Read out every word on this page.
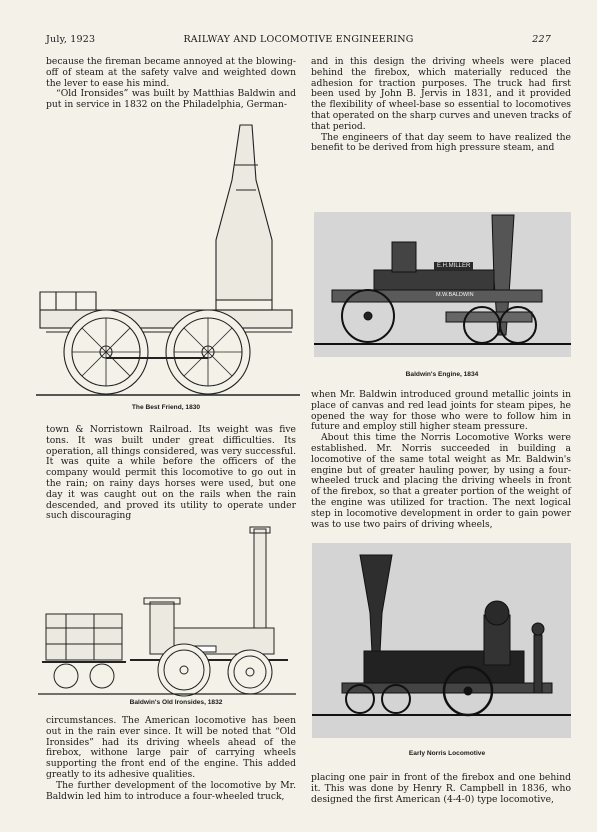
July, 1923	RAILWAY AND LOCOMOTIVE ENGINEERING	227

because the fireman became annoyed at the blowing-off of steam at the safety valve and weighted down the lever to ease his mind.

“Old Ironsides” was built by Matthias Baldwin and put in service in 1832 on the Philadelphia, German-

The Best Friend, 1830

town & Norristown Railroad. Its weight was five tons. It was built under great difficulties. Its operation, all things considered, was very successful. It was quite a while before the officers of the company would permit this locomotive to go out in the rain; on rainy days horses were used, but one day it was caught out on the rails when the rain descended, and proved its utility to operate under such discouraging

Baldwin's Old Ironsides, 1832

circumstances. The American locomotive has been out in the rain ever since. It will be noted that “Old Ironsides” had its driving wheels ahead of the firebox, withone large pair of carrying wheels supporting the front end of the engine. This added greatly to its adhesive qualities.

The further development of the locomotive by Mr. Baldwin led him to introduce a four-wheeled truck,

and in this design the driving wheels were placed behind the firebox, which materially reduced the adhesion for traction purposes. The truck had first been used by John B. Jervis in 1831, and it provided the flexibility of wheel-base so essential to locomotives that operated on the sharp curves and uneven tracks of that period.

The engineers of that day seem to have realized the benefit to be derived from high pressure steam, and

E.H.MILLER
M.W.BALDWIN
Baldwin's Engine, 1834

when Mr. Baldwin introduced ground metallic joints in place of canvas and red lead joints for steam pipes, he opened the way for those who were to follow him in future and employ still higher steam pressure.

About this time the Norris Locomotive Works were established. Mr. Norris succeeded in building a locomotive of the same total weight as Mr. Baldwin's engine but of greater hauling power, by using a four-wheeled truck and placing the driving wheels in front of the firebox, so that a greater portion of the weight of the engine was utilized for traction. The next logical step in locomotive development in order to gain power was to use two pairs of driving wheels,

Early Norris Locomotive

placing one pair in front of the firebox and one behind it. This was done by Henry R. Campbell in 1836, who designed the first American (4-4-0) type locomotive,
